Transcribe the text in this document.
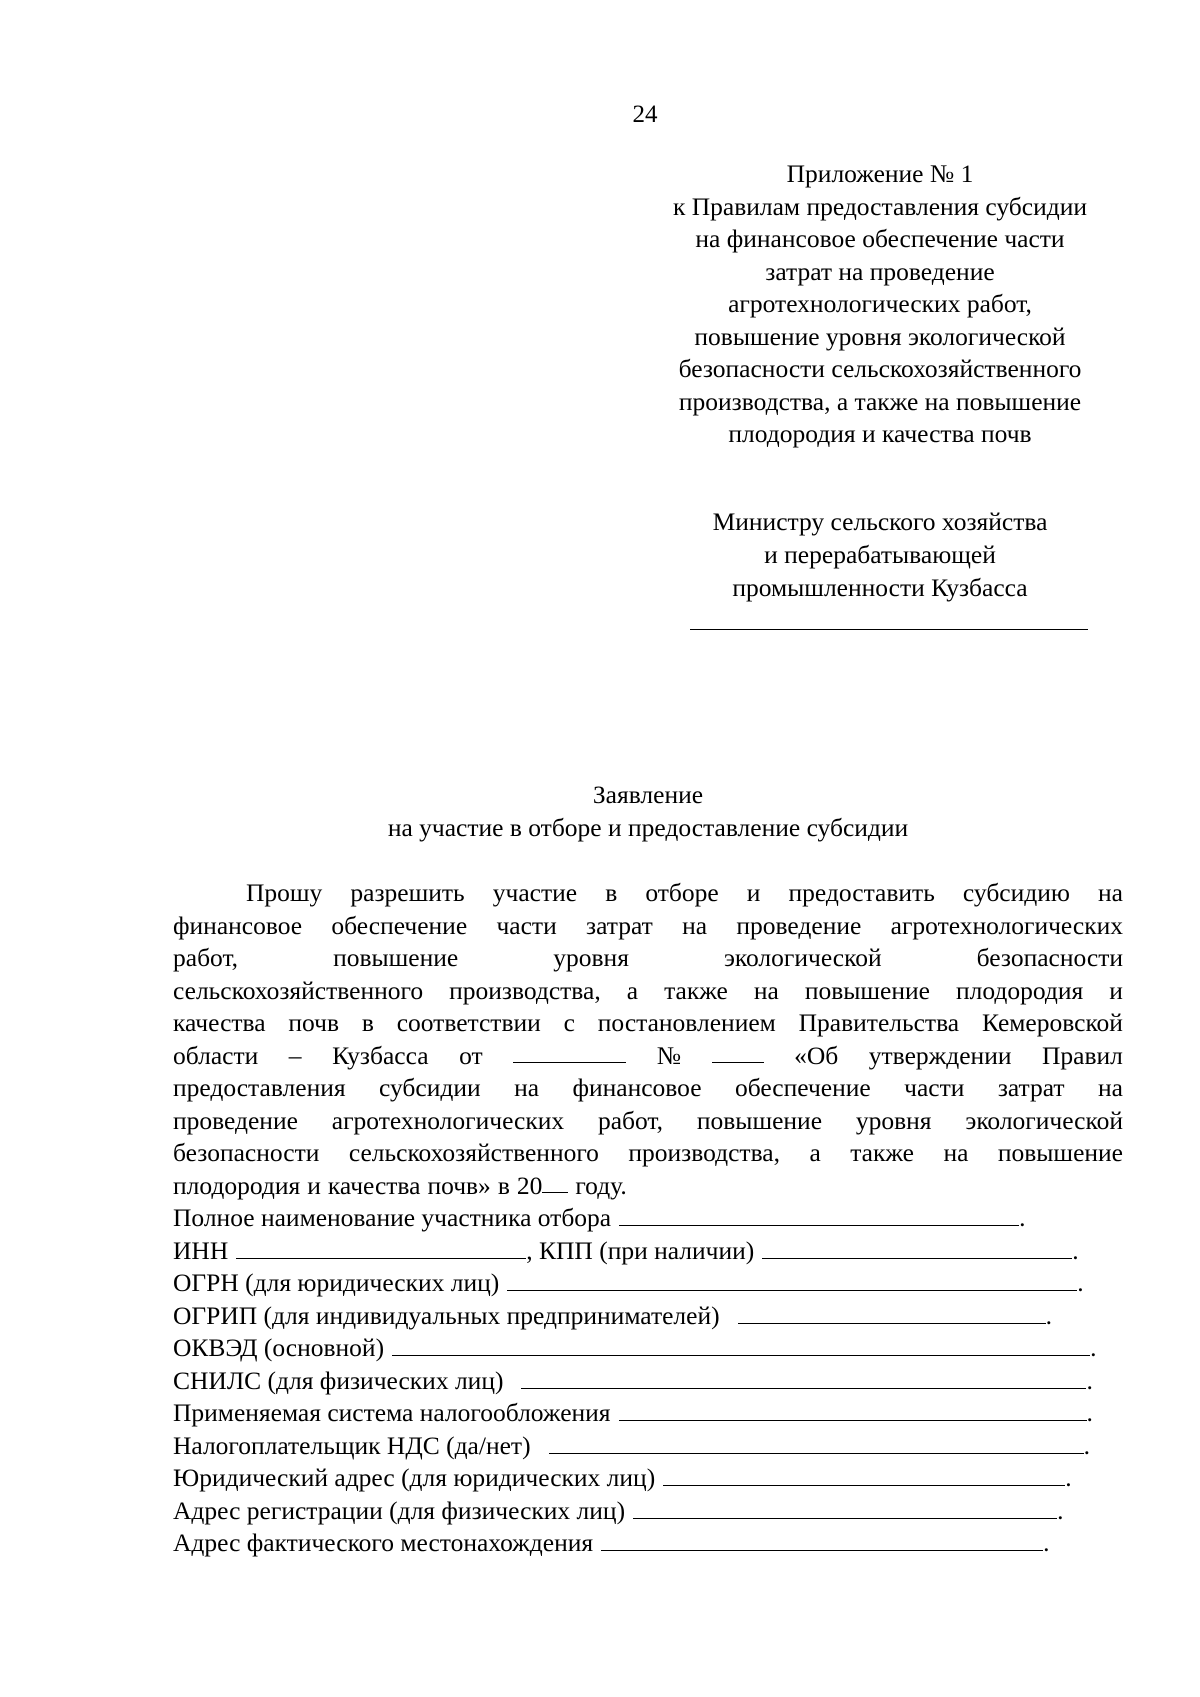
24
Приложение № 1
к Правилам предоставления субсидии
на финансовое обеспечение части
затрат на проведение
агротехнологических работ,
повышение уровня экологической
безопасности сельскохозяйственного
производства, а также на повышение
плодородия и качества почв
Министру сельского хозяйства
и перерабатывающей
промышленности Кузбасса
Заявление
на участие в отборе и предоставление субсидии
Прошу разрешить участие в отборе и предоставить субсидию на
финансовое обеспечение части затрат на проведение агротехнологических
работ,	повышение	уровня	экологической	безопасности
сельскохозяйственного производства, а также на повышение плодородия и
качества почв в соответствии с постановлением Правительства Кемеровской
области – Кузбасса от	№	«Об утверждении Правил
предоставления субсидии на финансовое обеспечение части затрат на
проведение агротехнологических работ, повышение уровня экологической
безопасности сельскохозяйственного производства, а также на повышение
плодородия и качества почв» в 20 году.
Полное наименование участника отбора	.
ИНН	, КПП (при наличии)	.
ОГРН (для юридических лиц)	.
ОГРИП (для индивидуальных предпринимателей)	.
ОКВЭД (основной)	.
СНИЛС (для физических лиц)	.
Применяемая система налогообложения	.
Налогоплательщик НДС (да/нет)	.
Юридический адрес (для юридических лиц)	.
Адрес регистрации (для физических лиц)	.
Адрес фактического местонахождения	.
